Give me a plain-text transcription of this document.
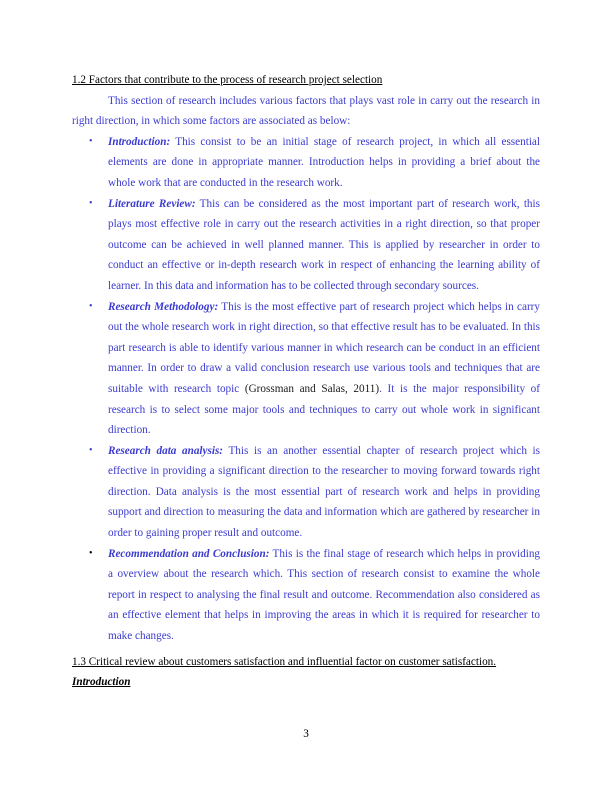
1.2 Factors that contribute to the process of research project selection

This section of research includes various factors that plays vast role in carry out the research in right direction, in which some factors are associated as below:

• Introduction: This consist to be an initial stage of research project, in which all essential elements are done in appropriate manner. Introduction helps in providing a brief about the whole work that are conducted in the research work.
• Literature Review: This can be considered as the most important part of research work, this plays most effective role in carry out the research activities in a right direction, so that proper outcome can be achieved in well planned manner. This is applied by researcher in order to conduct an effective or in-depth research work in respect of enhancing the learning ability of learner. In this data and information has to be collected through secondary sources.
• Research Methodology: This is the most effective part of research project which helps in carry out the whole research work in right direction, so that effective result has to be evaluated. In this part research is able to identify various manner in which research can be conduct in an efficient manner. In order to draw a valid conclusion research use various tools and techniques that are suitable with research topic (Grossman and Salas, 2011). It is the major responsibility of research is to select some major tools and techniques to carry out whole work in significant direction.
• Research data analysis: This is an another essential chapter of research project which is effective in providing a significant direction to the researcher to moving forward towards right direction. Data analysis is the most essential part of research work and helps in providing support and direction to measuring the data and information which are gathered by researcher in order to gaining proper result and outcome.
• Recommendation and Conclusion: This is the final stage of research which helps in providing a overview about the research which. This section of research consist to examine the whole report in respect to analysing the final result and outcome. Recommendation also considered as an effective element that helps in improving the areas in which it is required for researcher to make changes.

1.3 Critical review about customers satisfaction and influential factor on customer satisfaction.

Introduction

3
